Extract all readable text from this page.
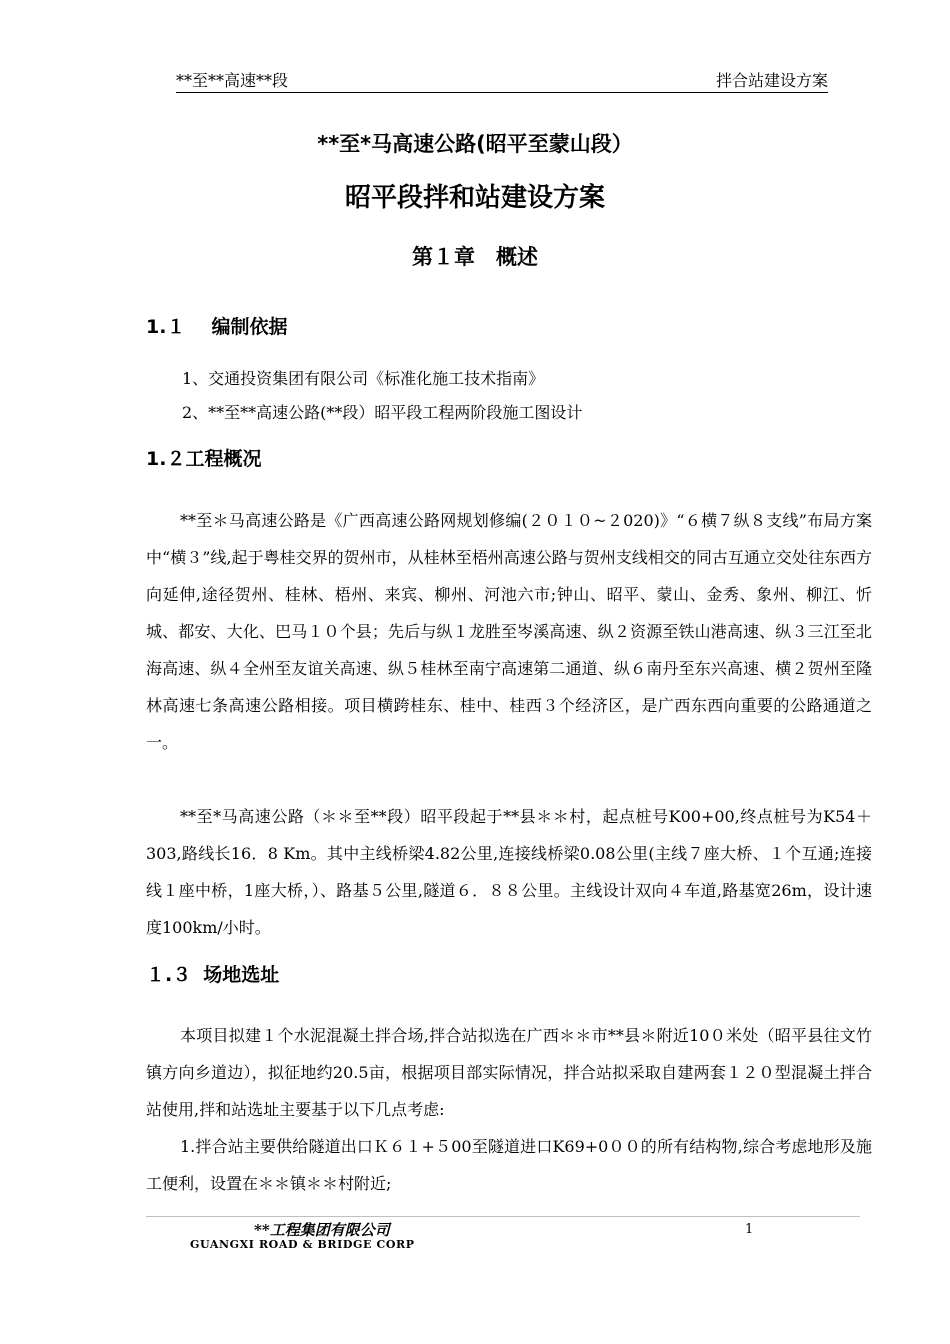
**至**高速**段	拌合站建设方案
**至*马高速公路(昭平至蒙山段）
昭平段拌和站建设方案
第１章　概述
1.１ 编制依据
1、交通投资集团有限公司《标准化施工技术指南》
2、**至**高速公路(**段）昭平段工程两阶段施工图设计
1.２工程概况

**至＊马高速公路是《广西高速公路网规划修编(２０１０~２020)》“６横７纵８支线”布局方案中“横３”线,起于粤桂交界的贺州市，从桂林至梧州高速公路与贺州支线相交的同古互通立交处往东西方向延伸,途径贺州、桂林、梧州、来宾、柳州、河池六市;钟山、昭平、蒙山、金秀、象州、柳江、忻城、都安、大化、巴马１０个县；先后与纵１龙胜至岑溪高速、纵２资源至铁山港高速、纵３三江至北海高速、纵４全州至友谊关高速、纵５桂林至南宁高速第二通道、纵６南丹至东兴高速、横２贺州至隆林高速七条高速公路相接。项目横跨桂东、桂中、桂西３个经济区，是广西东西向重要的公路通道之一。

**至*马高速公路（＊＊至**段）昭平段起于**县＊＊村，起点桩号K00+00,终点桩号为K54＋303,路线长16．8 Km。其中主线桥梁4.82公里,连接线桥梁0.08公里(主线７座大桥、１个互通;连接线１座中桥，1座大桥，）、路基５公里,隧道６．８８公里。主线设计双向４车道,路基宽26m，设计速度100km/小时。

１.３ 场地选址

本项目拟建１个水泥混凝土拌合场,拌合站拟选在广西＊＊市**县＊附近10０米处（昭平县往文竹镇方向乡道边），拟征地约20.5亩，根据项目部实际情况，拌合站拟采取自建两套１２０型混凝土拌合站使用,拌和站选址主要基于以下几点考虑:

1.拌合站主要供给隧道出口Ｋ６１+５00至隧道进口K69+0００的所有结构物,综合考虑地形及施工便利，设置在＊＊镇＊＊村附近;

**工程集团有限公司
GUANGXI ROAD & BRIDGE CORP
1
